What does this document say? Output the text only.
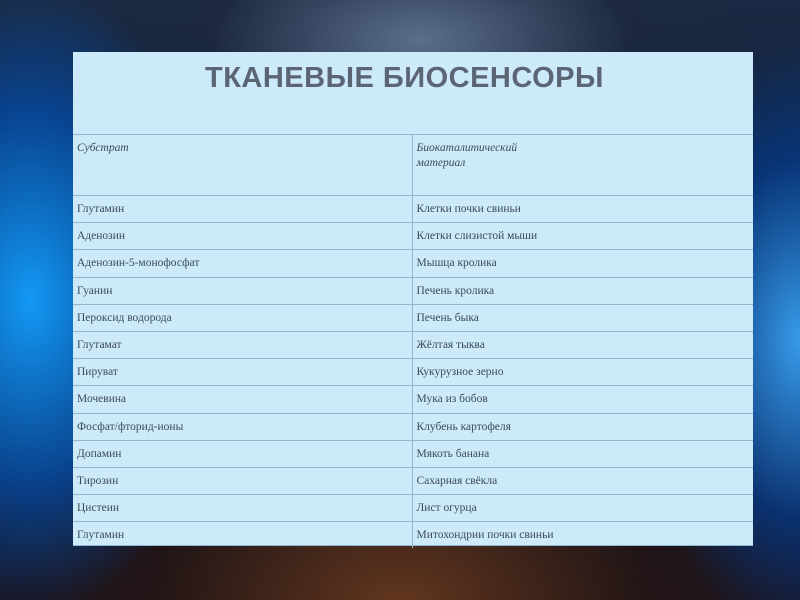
ТКАНЕВЫЕ БИОСЕНСОРЫ
Субстрат	Биокаталитический материал

Глутамин	Клетки почки свиньи
Аденозин	Клетки слизистой мыши
Аденозин-5-монофосфат	Мышца кролика
Гуанин	Печень кролика
Пероксид водорода	Печень быка
Глутамат	Жёлтая тыква
Пируват	Кукурузное зерно
Мочевина	Мука из бобов
Фосфат/фторид-ионы	Клубень картофеля
Допамин	Мякоть банана
Тирозин	Сахарная свёкла
Цистеин	Лист огурца
Глутамин	Митохондрии почки свиньи
